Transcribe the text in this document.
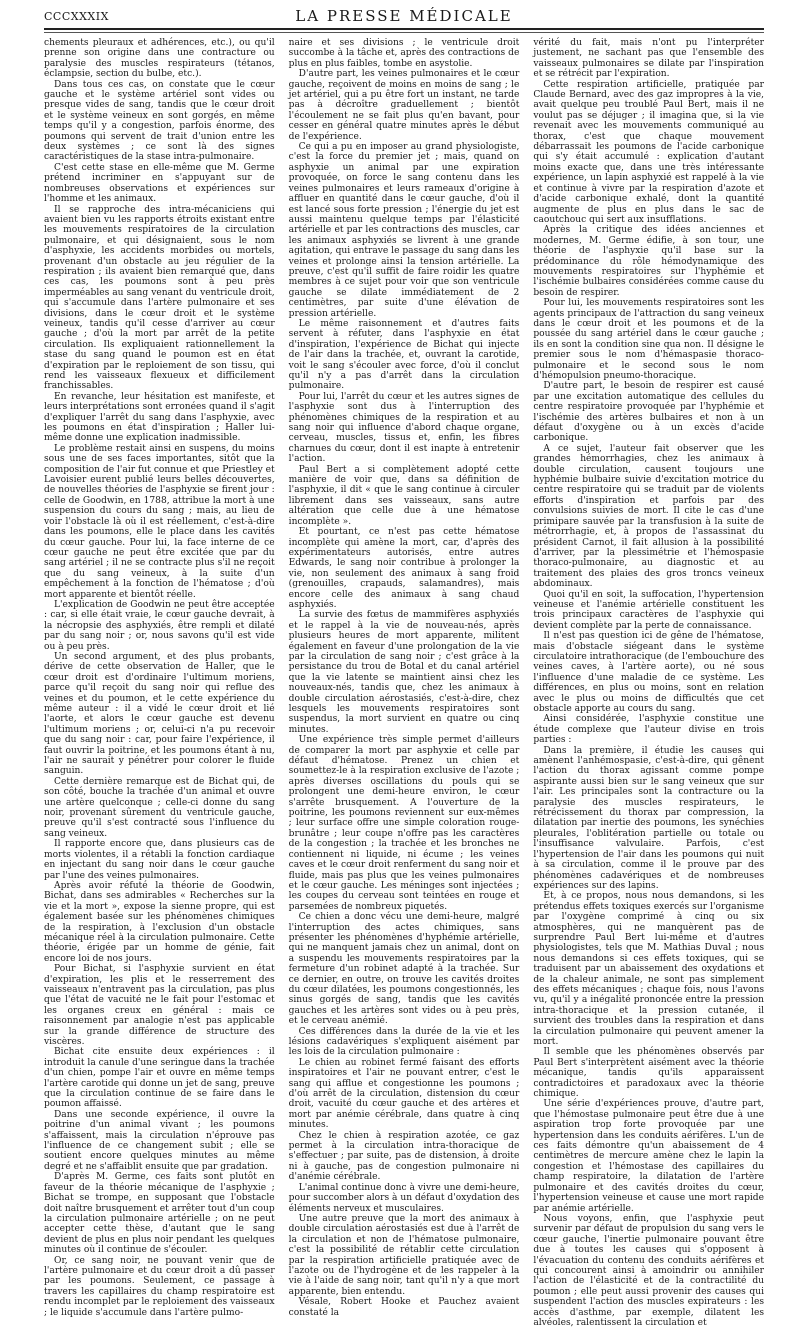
CCCXXXIX	LA PRESSE MÉDICALE

chements pleuraux et adhérences, etc.), ou qu'il prenne son origine dans une contracture ou paralysie des muscles respirateurs (tétanos, éclampsie, section du bulbe, etc.).

Dans tous ces cas, on constate que le cœur gauche et le système artériel sont vides ou presque vides de sang, tandis que le cœur droit et le système veineux en sont gorgés, en même temps qu'il y a congestion, parfois énorme, des poumons qui servent de trait d'union entre les deux systèmes ; ce sont là des signes caractéristiques de la stase intra-pulmonaire.

C'est cette stase en elle-même que M. Germe prétend incriminer en s'appuyant sur de nombreuses observations et expériences sur l'homme et les animaux.

Il se rapproche des intra-mécaniciens qui avaient bien vu les rapports étroits existant entre les mouvements respiratoires de la circulation pulmonaire, et qui désignaient, sous le nom d'asphyxie, les accidents morbides ou mortels, provenant d'un obstacle au jeu régulier de la respiration ; ils avaient bien remarqué que, dans ces cas, les poumons sont à peu près imperméables au sang venant du ventricule droit, qui s'accumule dans l'artère pulmonaire et ses divisions, dans le cœur droit et le système veineux, tandis qu'il cesse d'arriver au cœur gauche ; d'où la mort par arrêt de la petite circulation. Ils expliquaient rationnellement la stase du sang quand le poumon est en état d'expiration par le reploiement de son tissu, qui rend les vaisseaux flexueux et difficilement franchissables.

En revanche, leur hésitation est manifeste, et leurs interprétations sont erronées quand il s'agit d'expliquer l'arrêt du sang dans l'asphyxie, avec les poumons en état d'inspiration ; Haller lui-même donne une explication inadmissible.

Le problème restait ainsi en suspens, du moins sous une de ses faces importantes, sitôt que la composition de l'air fut connue et que Priestley et Lavoisier eurent publié leurs belles découvertes, de nouvelles théories de l'asphyxie se firent jour : celle de Goodwin, en 1788, attribue la mort à une suspension du cours du sang ; mais, au lieu de voir l'obstacle là où il est réellement, c'est-à-dire dans les poumons, elle le place dans les cavités du cœur gauche. Pour lui, la face interne de ce cœur gauche ne peut être excitée que par du sang artériel ; il ne se contracte plus s'il ne reçoit que du sang veineux, à la suite d'un empêchement à la fonction de l'hématose ; d'où mort apparente et bientôt réelle.

L'explication de Goodwin ne peut être acceptée : car, si elle était vraie, le cœur gauche devrait, à la nécropsie des asphyxiés, être rempli et dilaté par du sang noir ; or, nous savons qu'il est vide ou à peu près.

Un second argument, et des plus probants, dérive de cette observation de Haller, que le cœur droit est d'ordinaire l'ultimum moriens, parce qu'il reçoit du sang noir qui reflue des veines et du poumon, et le cette expérience du même auteur : il a vidé le cœur droit et lié l'aorte, et alors le cœur gauche est devenu l'ultimum moriens ; or, celui-ci n'a pu recevoir que du sang noir : car, pour faire l'expérience, il faut ouvrir la poitrine, et les poumons étant à nu, l'air ne saurait y pénétrer pour colorer le fluide sanguin.

Cette dernière remarque est de Bichat qui, de son côté, bouche la trachée d'un animal et ouvre une artère quelconque ; celle-ci donne du sang noir, provenant sûrement du ventricule gauche, preuve qu'il s'est contracté sous l'influence du sang veineux.

Il rapporte encore que, dans plusieurs cas de morts violentes, il a rétabli la fonction cardiaque en injectant du sang noir dans le cœur gauche par l'une des veines pulmonaires.

Après avoir réfuté la théorie de Goodwin, Bichat, dans ses admirables « Recherches sur la vie et la mort », expose la sienne propre, qui est également basée sur les phénomènes chimiques de la respiration, à l'exclusion d'un obstacle mécanique réel à la circulation pulmonaire. Cette théorie, érigée par un homme de génie, fait encore loi de nos jours.

Pour Bichat, si l'asphyxie survient en état d'expiration, les plis et le resserrement des vaisseaux n'entravent pas la circulation, pas plus que l'état de vacuité ne le fait pour l'estomac et les organes creux en général : mais ce raisonnement par analogie n'est pas applicable sur la grande différence de structure des viscères.

Bichat cite ensuite deux expériences : il introduit la canule d'une seringue dans la trachée d'un chien, pompe l'air et ouvre en même temps l'artère carotide qui donne un jet de sang, preuve que la circulation continue de se faire dans le poumon affaissé.

Dans une seconde expérience, il ouvre la poitrine d'un animal vivant ; les poumons s'affaissent, mais la circulation n'éprouve pas l'influence de ce changement subit ; elle se soutient encore quelques minutes au même degré et ne s'affaiblit ensuite que par gradation.

D'après M. Germe, ces faits sont plutôt en faveur de la théorie mécanique de l'asphyxie ; Bichat se trompe, en supposant que l'obstacle doit naître brusquement et arrêter tout d'un coup la circulation pulmonaire artérielle ; on ne peut accepter cette thèse, d'autant que le sang devient de plus en plus noir pendant les quelques minutes où il continue de s'écouler.

Or, ce sang noir, ne pouvant venir que de l'artère pulmonaire et du cœur droit a dû passer par les poumons. Seulement, ce passage à travers les capillaires du champ respiratoire est rendu incomplet par le reploiement des vaisseaux ; le liquide s'accumule dans l'artère pulmo-

naire et ses divisions ; le ventricule droit succombe à la tâche et, après des contractions de plus en plus faibles, tombe en asystolie.

D'autre part, les veines pulmonaires et le cœur gauche, reçoivent de moins en moins de sang ; le jet artériel, qui a pu être fort un instant, ne tarde pas à décroître graduellement ; bientôt l'écoulement ne se fait plus qu'en bavant, pour cesser en général quatre minutes après le début de l'expérience.

Ce qui a pu en imposer au grand physiologiste, c'est la force du premier jet ; mais, quand on asphyxie un animal par une expiration provoquée, on force le sang contenu dans les veines pulmonaires et leurs rameaux d'origine à affluer en quantité dans le cœur gauche, d'où il est lancé sous forte pression ; l'énergie du jet est aussi maintenu quelque temps par l'élasticité artérielle et par les contractions des muscles, car les animaux asphyxiés se livrent à une grande agitation, qui entrave le passage du sang dans les veines et prolonge ainsi la tension artérielle. La preuve, c'est qu'il suffit de faire roidir les quatre membres à ce sujet pour voir que son ventricule gauche se dilate immédiatement de 2 centimètres, par suite d'une élévation de pression artérielle.

Le même raisonnement et d'autres faits servent à réfuter, dans l'asphyxie en état d'inspiration, l'expérience de Bichat qui injecte de l'air dans la trachée, et, ouvrant la carotide, voit le sang s'écouler avec force, d'où il conclut qu'il n'y a pas d'arrêt dans la circulation pulmonaire.

Pour lui, l'arrêt du cœur et les autres signes de l'asphyxie sont dus à l'interruption des phénomènes chimiques de la respiration et au sang noir qui influence d'abord chaque organe, cerveau, muscles, tissus et, enfin, les fibres charnues du cœur, dont il est inapte à entretenir l'action.

Paul Bert a si complètement adopté cette manière de voir que, dans sa définition de l'asphyxie, il dit « que le sang continue à circuler librement dans ses vaisseaux, sans autre altération que celle due à une hématose incomplète ».

Et pourtant, ce n'est pas cette hématose incomplète qui amène la mort, car, d'après des expérimentateurs autorisés, entre autres Edwards, le sang noir contribue à prolonger la vie, non seulement des animaux à sang froid (grenouilles, crapauds, salamandres), mais encore celle des animaux à sang chaud asphyxiés.

La survie des fœtus de mammifères asphyxiés et le rappel à la vie de nouveau-nés, après plusieurs heures de mort apparente, militent également en faveur d'une prolongation de la vie par la circulation de sang noir ; c'est grâce à la persistance du trou de Botal et du canal artériel que la vie latente se maintient ainsi chez les nouveaux-nés, tandis que, chez les animaux à double circulation aérostasiés, c'est-à-dire, chez lesquels les mouvements respiratoires sont suspendus, la mort survient en quatre ou cinq minutes.

Une expérience très simple permet d'ailleurs de comparer la mort par asphyxie et celle par défaut d'hématose. Prenez un chien et soumettez-le à la respiration exclusive de l'azote ; après diverses oscillations du pouls qui se prolongent une demi-heure environ, le cœur s'arrête brusquement. A l'ouverture de la poitrine, les poumons reviennent sur eux-mêmes ; leur surface offre une simple coloration rouge-brunâtre ; leur coupe n'offre pas les caractères de la congestion ; la trachée et les bronches ne contiennent ni liquide, ni écume ; les veines caves et le cœur droit renferment du sang noir et fluide, mais pas plus que les veines pulmonaires et le cœur gauche. Les méninges sont injectées ; les coupes du cerveau sont teintées en rouge et parsemées de nombreux piquetés.

Ce chien a donc vécu une demi-heure, malgré l'interruption des actes chimiques, sans présenter les phénomènes d'hyphémie artérielle, qui ne manquent jamais chez un animal, dont on a suspendu les mouvements respiratoires par la fermeture d'un robinet adapté à la trachée. Sur ce dernier, en outre, on trouve les cavités droites du cœur dilatées, les poumons congestionnés, les sinus gorgés de sang, tandis que les cavités gauches et les artères sont vides ou à peu près, et le cerveau anémié.

Ces différences dans la durée de la vie et les lésions cadavériques s'expliquent aisément par les lois de la circulation pulmonaire :

Le chien au robinet fermé faisant des efforts inspiratoires et l'air ne pouvant entrer, c'est le sang qui afflue et congestionne les poumons ; d'où arrêt de la circulation, distension du cœur droit, vacuité du cœur gauche et des artères et mort par anémie cérébrale, dans quatre à cinq minutes.

Chez le chien à respiration azotée, ce gaz permet à la circulation intra-thoracique de s'effectuer ; par suite, pas de distension, à droite ni à gauche, pas de congestion pulmonaire ni d'anémie cérébrale.

L'animal continue donc à vivre une demi-heure, pour succomber alors à un défaut d'oxydation des éléments nerveux et musculaires.

Une autre preuve que la mort des animaux à double circulation aérostasiés est due à l'arrêt de la circulation et non de l'hématose pulmonaire, c'est la possibilité de rétablir cette circulation par la respiration artificielle pratiquée avec de l'azote ou de l'hydrogène et de les rappeler à la vie à l'aide de sang noir, tant qu'il n'y a que mort apparente, bien entendu.

Vésale, Robert Hooke et Pauchez avaient constaté la

vérité du fait, mais n'ont pu l'interpréter justement, ne sachant pas que l'ensemble des vaisseaux pulmonaires se dilate par l'inspiration et se rétrécit par l'expiration.

Cette respiration artificielle, pratiquée par Claude Bernard, avec des gaz impropres à la vie, avait quelque peu troublé Paul Bert, mais il ne voulut pas se déjuger ; il imagina que, si la vie revenait avec les mouvements communiqué au thorax, c'est que chaque mouvement débarrassait les poumons de l'acide carbonique qui s'y était accumulé : explication d'autant moins exacte que, dans une très intéressante expérience, un lapin asphyxié est rappelé à la vie et continue à vivre par la respiration d'azote et d'acide carbonique exhalé, dont la quantité augmente de plus en plus dans le sac de caoutchouc qui sert aux insufflations.

Après la critique des idées anciennes et modernes, M. Germe édifie, à son tour, une théorie de l'asphyxie qu'il base sur la prédominance du rôle hémodynamique des mouvements respiratoires sur l'hyphémie et l'ischémie bulbaires considérées comme cause du besoin de respirer.

Pour lui, les mouvements respiratoires sont les agents principaux de l'attraction du sang veineux dans le cœur droit et les poumons et de la poussée du sang artériel dans le cœur gauche ; ils en sont la condition sine qua non. Il désigne le premier sous le nom d'hémaspasie thoraco-pulmonaire et le second sous le nom d'hémopulsion pneumo-thoracique.

D'autre part, le besoin de respirer est causé par une excitation automatique des cellules du centre respiratoire provoquée par l'hyphémie et l'ischémie des artères bulbaires et non à un défaut d'oxygène ou à un excès d'acide carbonique.

A ce sujet, l'auteur fait observer que les grandes hémorrhagies, chez les animaux à double circulation, causent toujours une hyphémie bulbaire suivie d'excitation motrice du centre respiratoire qui se traduit par de violents efforts d'inspiration et parfois par des convulsions suivies de mort. Il cite le cas d'une primipare sauvée par la transfusion à la suite de métrorrhagie, et, à propos de l'assassinat du président Carnot, il fait allusion à la possibilité d'arriver, par la plessimétrie et l'hémospasie thoraco-pulmonaire, au diagnostic et au traitement des plaies des gros troncs veineux abdominaux.

Quoi qu'il en soit, la suffocation, l'hypertension veineuse et l'anémie artérielle constituent les trois principaux caractères de l'asphyxie qui devient complète par la perte de connaissance.

Il n'est pas question ici de gêne de l'hématose, mais d'obstacle siégeant dans le système circulatoire intrathoracique (de l'embouchure des veines caves, à l'artère aorte), ou né sous l'influence d'une maladie de ce système. Les différences, en plus ou moins, sont en relation avec le plus ou moins de difficultés que cet obstacle apporte au cours du sang.

Ainsi considérée, l'asphyxie constitue une étude complexe que l'auteur divise en trois parties :

Dans la première, il étudie les causes qui amènent l'anhémospasie, c'est-à-dire, qui gênent l'action du thorax agissant comme pompe aspirante aussi bien sur le sang veineux que sur l'air. Les principales sont la contracture ou la paralysie des muscles respirateurs, le rétrécissement du thorax par compression, la dilatation par inertie des poumons, les synéchies pleurales, l'oblitération partielle ou totale ou l'insuffisance valvulaire. Parfois, c'est l'hypertension de l'air dans les poumons qui nuit à sa circulation, comme il le prouve par des phénomènes cadavériques et de nombreuses expériences sur des lapins.

Et, à ce propos, nous nous demandons, si les prétendus effets toxiques exercés sur l'organisme par l'oxygène comprimé à cinq ou six atmosphères, qui ne manquèrent pas de surprendre Paul Bert lui-même et d'autres physiologistes, tels que M. Mathias Duval ; nous nous demandons si ces effets toxiques, qui se traduisent par un abaissement des oxydations et de la chaleur animale, ne sont pas simplement des effets mécaniques ; chaque fois, nous l'avons vu, qu'il y a inégalité prononcée entre la pression intra-thoracique et la pression cutanée, il survient des troubles dans la respiration et dans la circulation pulmonaire qui peuvent amener la mort.

Il semble que les phénomènes observés par Paul Bert s'interprètent aisément avec la théorie mécanique, tandis qu'ils apparaissent contradictoires et paradoxaux avec la théorie chimique.

Une série d'expériences prouve, d'autre part, que l'hémostase pulmonaire peut être due à une aspiration trop forte provoquée par une hypertension dans les conduits aérifères. L'un de ces faits démontre qu'un abaissement de 4 centimètres de mercure amène chez le lapin la congestion et l'hémostase des capillaires du champ respiratoire, la dilatation de l'artère pulmonaire et des cavités droites du cœur, l'hypertension veineuse et cause une mort rapide par anémie artérielle.

Nous voyons, enfin, que l'asphyxie peut survenir par défaut de propulsion du sang vers le cœur gauche, l'inertie pulmonaire pouvant être due à toutes les causes qui s'opposent à l'évacuation du contenu des conduits aérifères et qui concourent ainsi à amoindrir ou annihiler l'action de l'élasticité et de la contractilité du poumon ; elle peut aussi provenir des causes qui suspendent l'action des muscles expirateurs : les accès d'asthme, par exemple, dilatent les alvéoles, ralentissent la circulation et
